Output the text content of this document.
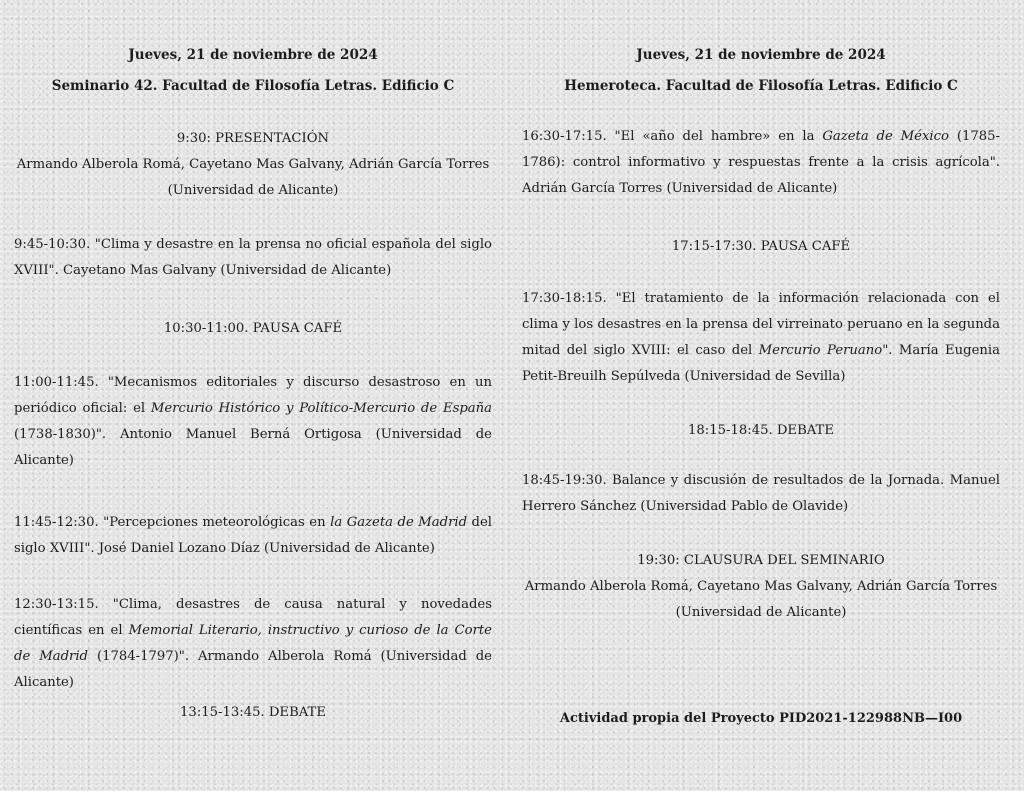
Jueves, 21 de noviembre de 2024
Seminario 42. Facultad de Filosofía Letras. Edificio C
9:30: PRESENTACIÓN
Armando Alberola Romá, Cayetano Mas Galvany, Adrián García Torres
(Universidad de Alicante)
9:45-10:30. "Clima y desastre en la prensa no oficial española del siglo XVIII". Cayetano Mas Galvany (Universidad de Alicante)
10:30-11:00. PAUSA CAFÉ
11:00-11:45. "Mecanismos editoriales y discurso desastroso en un periódico oficial: el Mercurio Histórico y Político-Mercurio de España (1738-1830)". Antonio Manuel Berná Ortigosa (Universidad de Alicante)
11:45-12:30. "Percepciones meteorológicas en la Gazeta de Madrid del siglo XVIII". José Daniel Lozano Díaz (Universidad de Alicante)
12:30-13:15. "Clima, desastres de causa natural y novedades científicas en el Memorial Literario, instructivo y curioso de la Corte de Madrid (1784-1797)". Armando Alberola Romá (Universidad de Alicante)
13:15-13:45. DEBATE
Jueves, 21 de noviembre de 2024
Hemeroteca. Facultad de Filosofía Letras. Edificio C
16:30-17:15. "El «año del hambre» en la Gazeta de México (1785-1786): control informativo y respuestas frente a la crisis agrícola". Adrián García Torres (Universidad de Alicante)
17:15-17:30. PAUSA CAFÉ
17:30-18:15. "El tratamiento de la información relacionada con el clima y los desastres en la prensa del virreinato peruano en la segunda mitad del siglo XVIII: el caso del Mercurio Peruano". María Eugenia Petit-Breuilh Sepúlveda (Universidad de Sevilla)
18:15-18:45. DEBATE
18:45-19:30. Balance y discusión de resultados de la Jornada. Manuel Herrero Sánchez (Universidad Pablo de Olavide)
19:30: CLAUSURA DEL SEMINARIO
Armando Alberola Romá, Cayetano Mas Galvany, Adrián García Torres
(Universidad de Alicante)
Actividad propia del Proyecto PID2021-122988NB—I00
